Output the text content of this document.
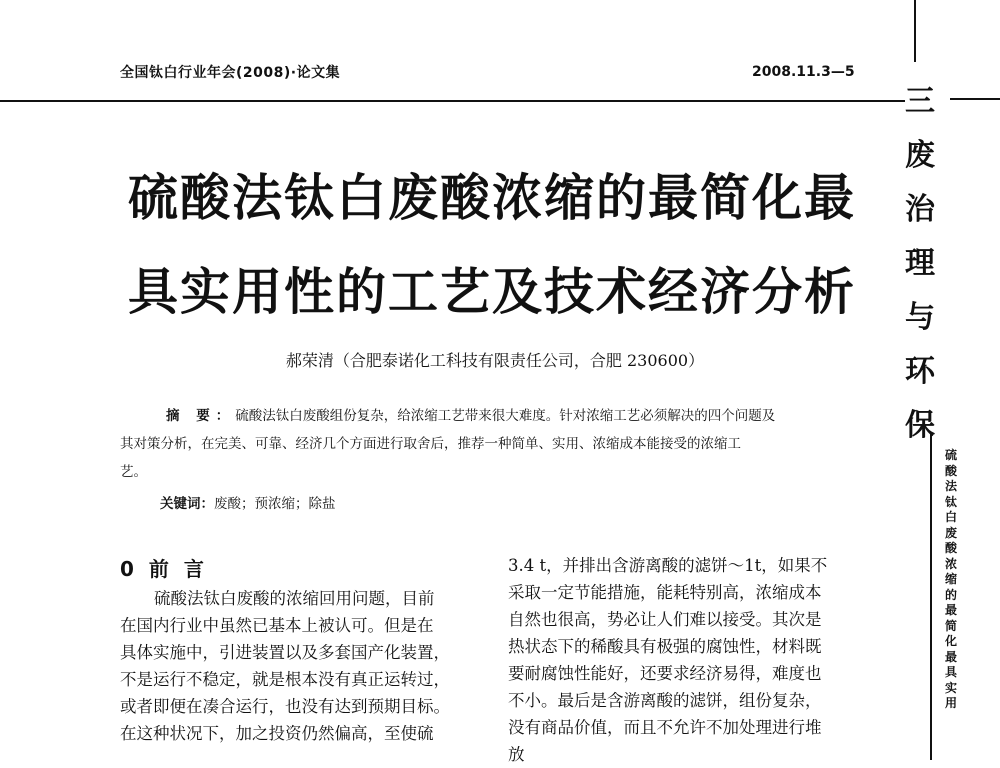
全国钛白行业年会(2008)·论文集	2008.11.3—5
三
废
治
理
与
环
保
硫
酸
法
钛
白
废
酸
浓
缩
的
最
简
化
最
具
实
用
硫酸法钛白废酸浓缩的最简化最
具实用性的工艺及技术经济分析
郝荣清（合肥泰诺化工科技有限责任公司，合肥 230600）
摘 要：硫酸法钛白废酸组份复杂，给浓缩工艺带来很大难度。针对浓缩工艺必须解决的四个问题及
其对策分析，在完美、可靠、经济几个方面进行取舍后，推荐一种简单、实用、浓缩成本能接受的浓缩工
艺。
关键词：废酸；预浓缩；除盐
0 前 言
硫酸法钛白废酸的浓缩回用问题，目前
在国内行业中虽然已基本上被认可。但是在
具体实施中，引进装置以及多套国产化装置，
不是运行不稳定，就是根本没有真正运转过，
或者即便在凑合运行，也没有达到预期目标。
在这种状况下，加之投资仍然偏高，至使硫
3.4 t，并排出含游离酸的滤饼～1t，如果不
采取一定节能措施，能耗特别高，浓缩成本
自然也很高，势必让人们难以接受。其次是
热状态下的稀酸具有极强的腐蚀性，材料既
要耐腐蚀性能好，还要求经济易得，难度也
不小。最后是含游离酸的滤饼，组份复杂，
没有商品价值，而且不允许不加处理进行堆
放
